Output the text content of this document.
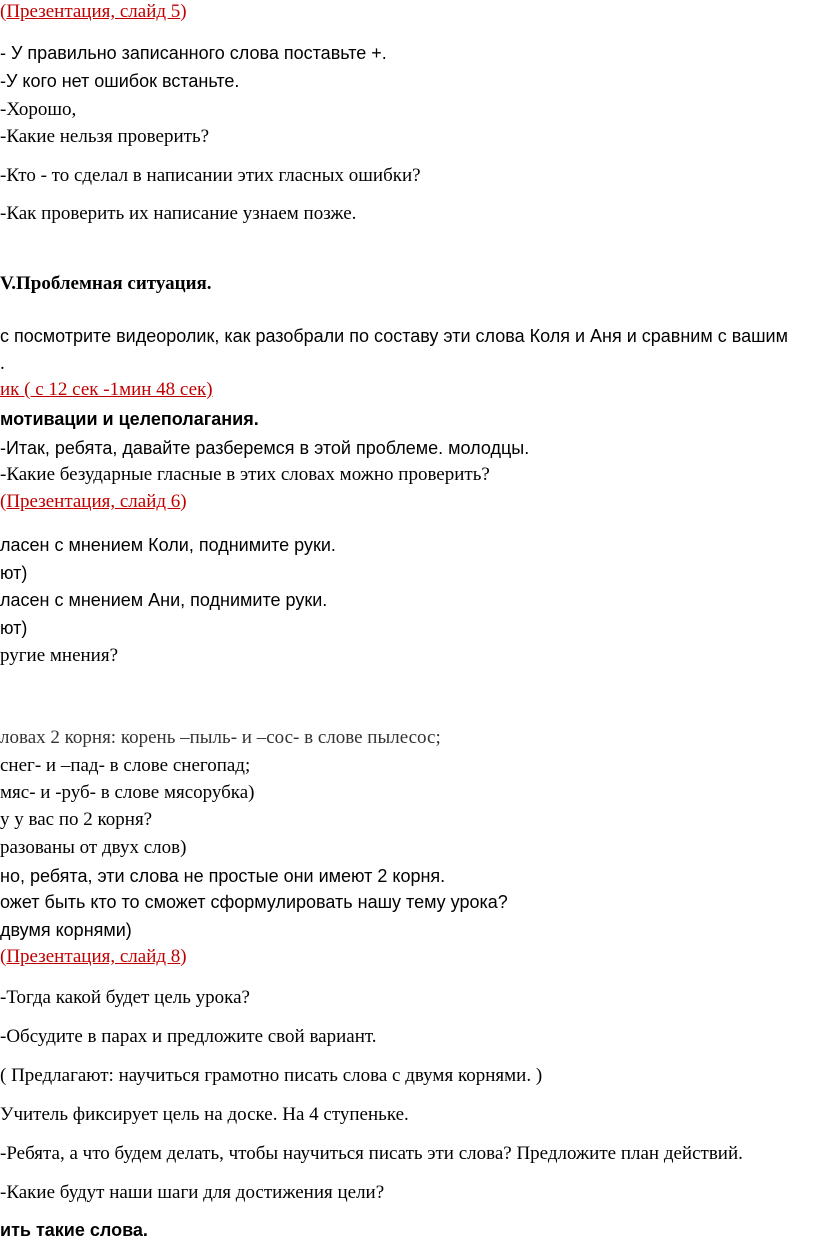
(Презентация, слайд 5)
- У правильно записанного слова поставьте +.
-У кого нет ошибок встаньте.
-Хорошо,
-Какие нельзя проверить?
-Кто - то сделал в написании этих гласных ошибки?
-Как проверить их написание узнаем позже.
V.Проблемная ситуация.
с посмотрите видеоролик, как разобрали по составу эти слова Коля и Аня и сравним с вашим
.
ик ( с 12 сек -1мин 48 сек)
мотивации и целеполагания.
-Итак, ребята, давайте разберемся в этой проблеме. молодцы.
-Какие безударные гласные в этих словах можно проверить?
(Презентация, слайд 6)
ласен с мнением Коли, поднимите руки.
ют)
ласен с мнением Ани, поднимите руки.
ют)
ругие мнения?
ловах 2 корня: корень –пыль- и –сос- в слове пылесос;
снег- и –пад- в слове снегопад;
мяс- и -руб- в слове мясорубка)
у у вас по 2 корня?
разованы от двух слов)
но, ребята, эти слова не простые они имеют 2 корня.
ожет быть кто то сможет сформулировать нашу тему урока?
двумя корнями)
(Презентация, слайд 8)
-Тогда какой будет цель урока?
-Обсудите в парах и предложите свой вариант.
( Предлагают: научиться грамотно писать слова с двумя корнями. )
Учитель фиксирует цель на доске. На 4 ступеньке.
-Ребята, а что будем делать, чтобы научиться писать эти слова? Предложите план действий.
-Какие будут наши шаги для достижения цели?
ить такие слова.
